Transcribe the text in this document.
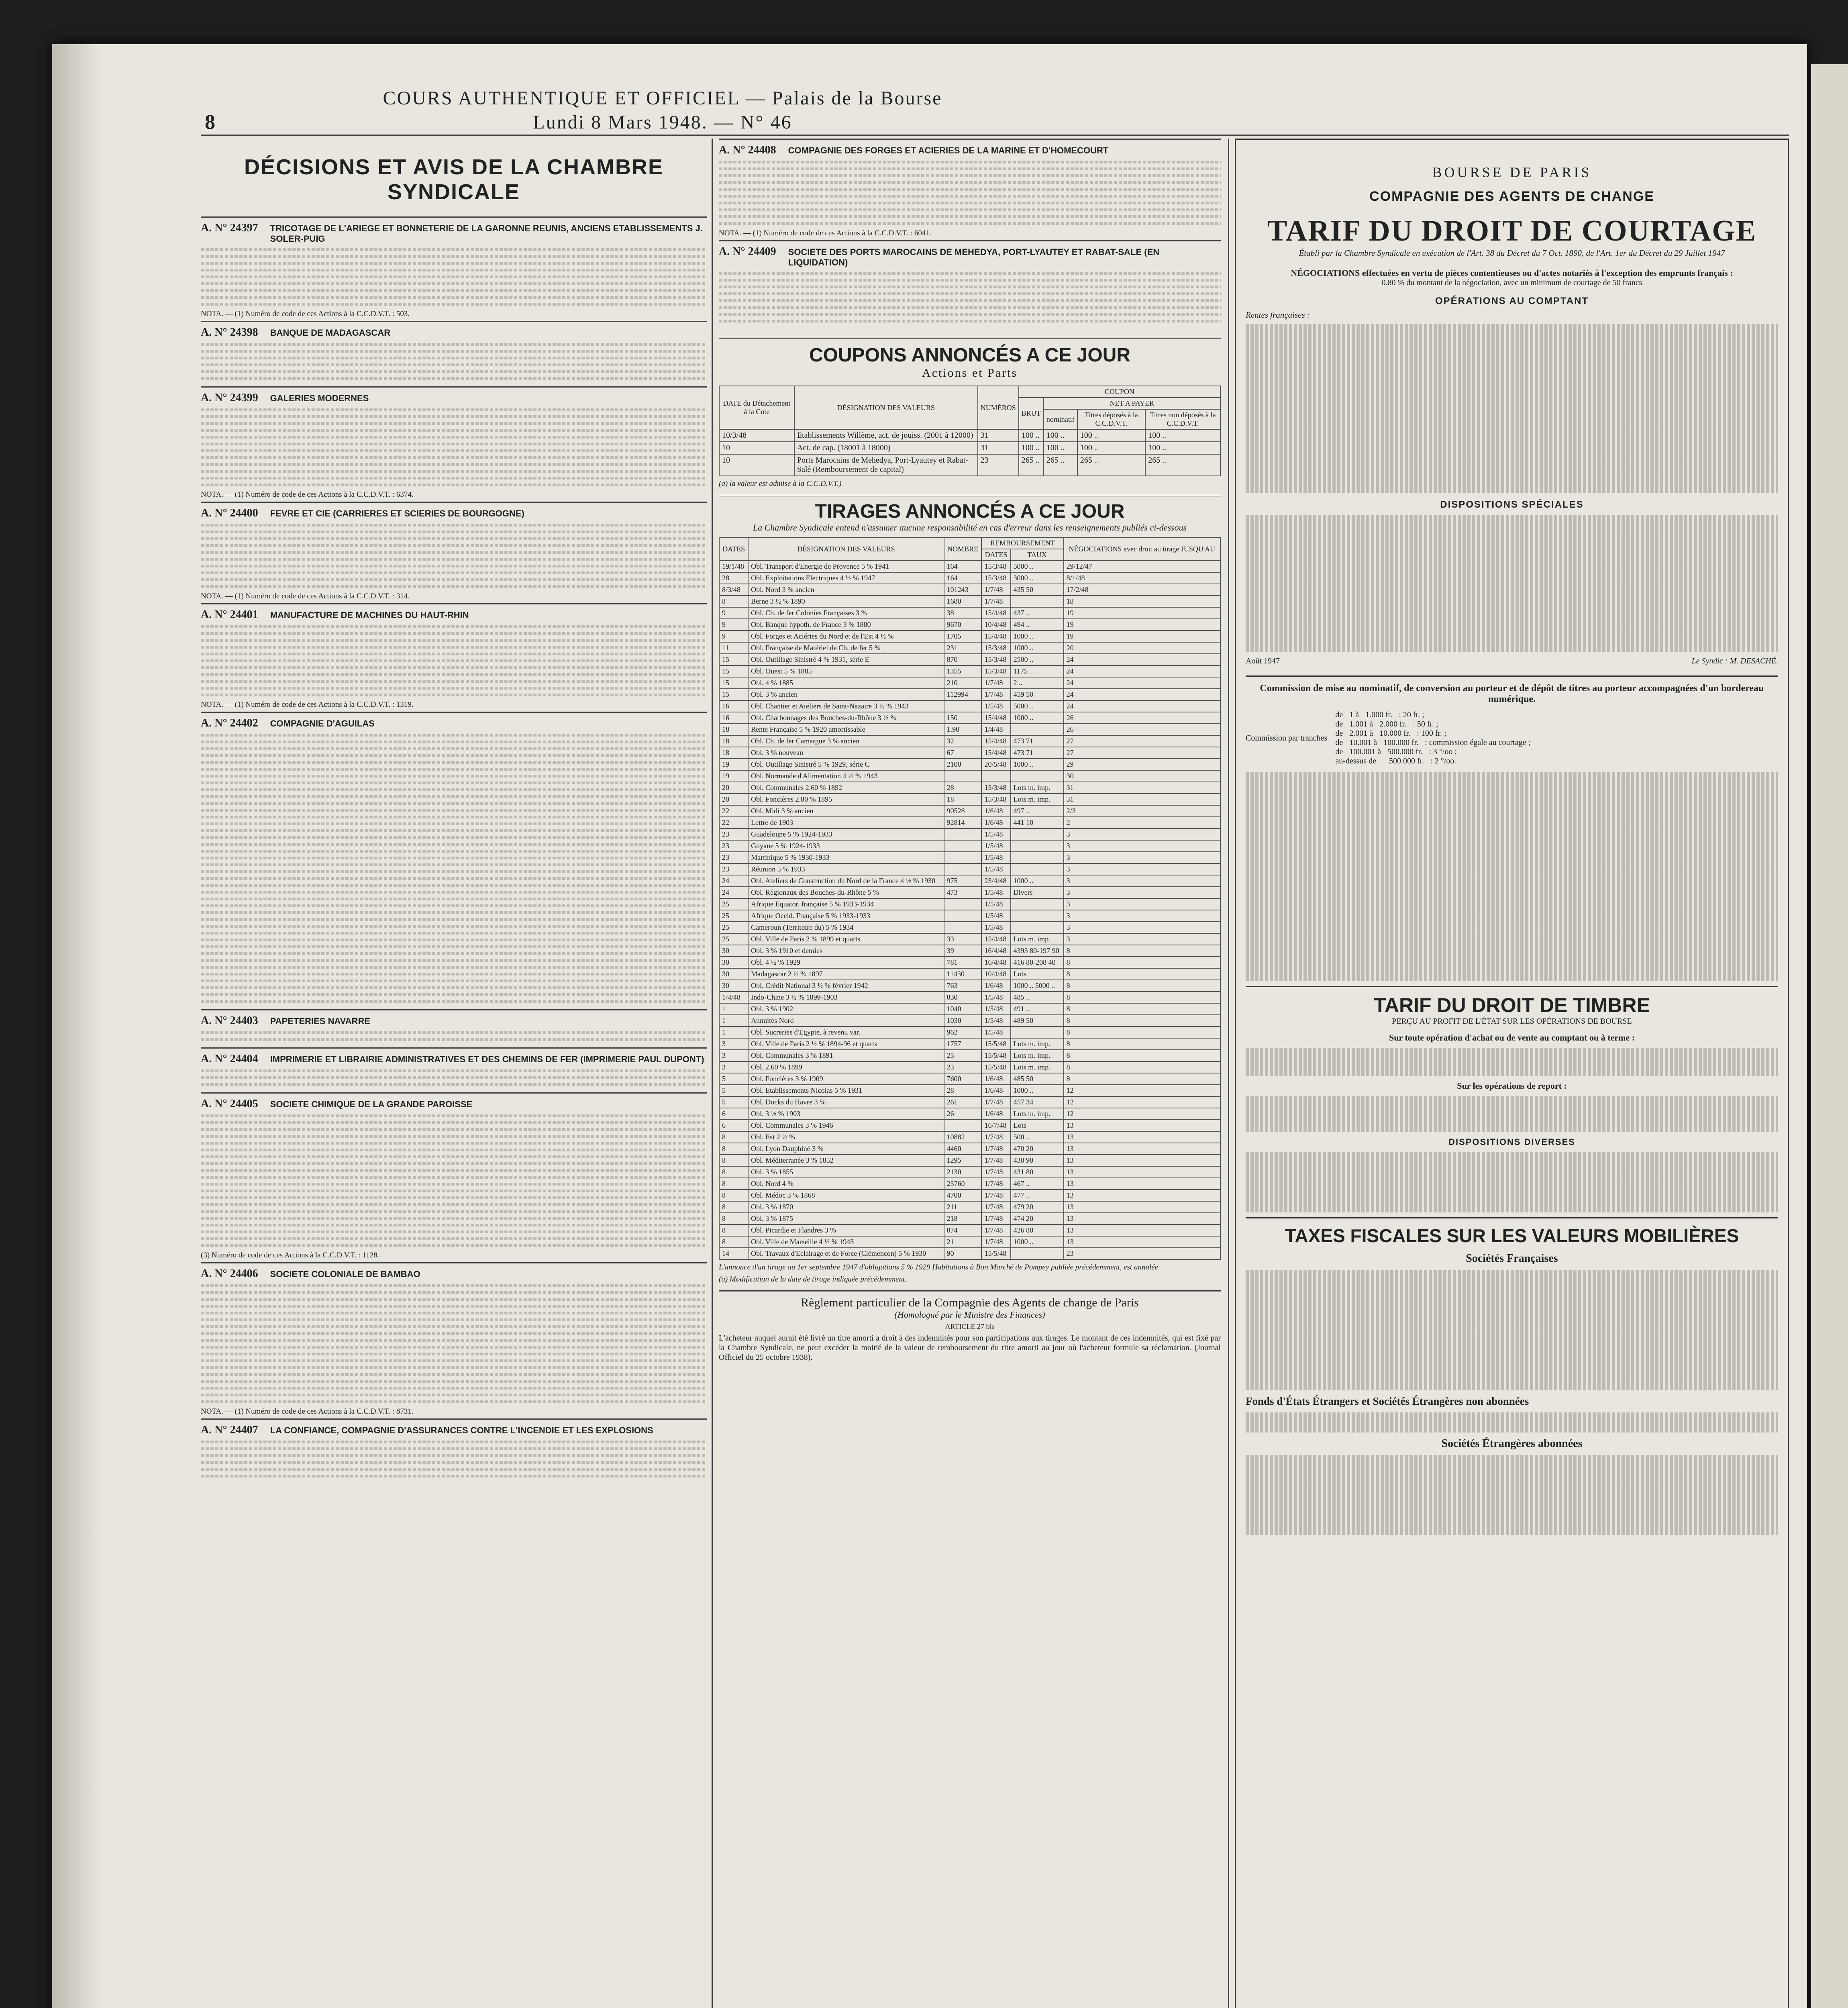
8
COURS AUTHENTIQUE ET OFFICIEL — Palais de la Bourse
Lundi 8 Mars 1948. — N° 46
DÉCISIONS ET AVIS DE LA CHAMBRE SYNDICALE
A. N° 24397 TRICOTAGE DE L'ARIEGE ET BONNETERIE DE LA GARONNE REUNIS, ANCIENS ETABLISSEMENTS J. SOLER-PUIG
NOTA. — (1) Numéro de code de ces Actions à la C.C.D.V.T. : 503.
A. N° 24398 BANQUE DE MADAGASCAR
A. N° 24399 GALERIES MODERNES
NOTA. — (1) Numéro de code de ces Actions à la C.C.D.V.T. : 6374.
A. N° 24400 FEVRE ET CIE (CARRIERES ET SCIERIES DE BOURGOGNE)
NOTA. — (1) Numéro de code de ces Actions à la C.C.D.V.T. : 314.
A. N° 24401 MANUFACTURE DE MACHINES DU HAUT-RHIN
NOTA. — (1) Numéro de code de ces Actions à la C.C.D.V.T. : 1319.
A. N° 24402 COMPAGNIE D'AGUILAS
A. N° 24403 PAPETERIES NAVARRE
A. N° 24404 IMPRIMERIE ET LIBRAIRIE ADMINISTRATIVES ET DES CHEMINS DE FER (IMPRIMERIE PAUL DUPONT)
A. N° 24405 SOCIETE CHIMIQUE DE LA GRANDE PAROISSE
(3) Numéro de code de ces Actions à la C.C.D.V.T. : 1128.
A. N° 24406 SOCIETE COLONIALE DE BAMBAO
NOTA. — (1) Numéro de code de ces Actions à la C.C.D.V.T. : 8731.
A. N° 24407 LA CONFIANCE, COMPAGNIE D'ASSURANCES CONTRE L'INCENDIE ET LES EXPLOSIONS
A. N° 24408 COMPAGNIE DES FORGES ET ACIERIES DE LA MARINE ET D'HOMECOURT
NOTA. — (1) Numéro de code de ces Actions à la C.C.D.V.T. : 6041.
A. N° 24409 SOCIETE DES PORTS MAROCAINS DE MEHEDYA, PORT-LYAUTEY ET RABAT-SALE (EN LIQUIDATION)
COUPONS ANNONCÉS A CE JOUR
Actions et Parts
DATE du Détachement à la Cote	DÉSIGNATION DES VALEURS	NUMÉROS	COUPON			
			BRUT	NET A PAYER		
				nominatif	Titres déposés à la C.C.D.V.T.	Titres non déposés à la C.C.D.V.T.
10/3/48	Etablissements Willème, act. de jouiss. (2001 à 12000)	31	100 ..	100 ..	100 ..	100 ..
10	Act. de cap. (18001 à 18000)	31	100 ..	100 ..	100 ..	100 ..
10	Ports Marocains de Mehedya, Port-Lyautey et Rabat-Salé (Remboursement de capital)	23	265 ..	265 ..	265 ..	265 ..
(a) la valeur est admise à la C.C.D.V.T.)
TIRAGES ANNONCÉS A CE JOUR
La Chambre Syndicale entend n'assumer aucune responsabilité en cas d'erreur dans les renseignements publiés ci-dessous
DATES	DÉSIGNATION DES VALEURS	NOMBRE	REMBOURSEMENT		NÉGOCIATIONS avec droit au tirage JUSQU'AU
			DATES	TAUX	
19/1/48	Obl. Transport d'Energie de Provence 5 % 1941	164	15/3/48	5000 ..	29/12/47
28	Obl. Exploitations Electriques 4 ½ % 1947	164	15/3/48	3000 ..	8/1/48
8/3/48	Obl. Nord 3 % ancien	101243	1/7/48	435 50	17/2/48
8	Berne 3 ½ % 1890	1680	1/7/48		18
9	Obl. Ch. de fer Colonies Françaises 3 %	38	15/4/48	437 ..	19
9	Obl. Banque hypoth. de France 3 % 1880	9670	10/4/48	494 ..	19
9	Obl. Forges et Aciéries du Nord et de l'Est 4 ½ %	1705	15/4/48	1000 ..	19
11	Obl. Française de Matériel de Ch. de fer 5 %	231	15/3/48	1000 ..	20
15	Obl. Outillage Sinistré 4 % 1931, série E	870	15/3/48	2500 ..	24
15	Obl. Ouest 5 % 1885	1355	15/3/48	1175 ..	24
15	Obl. 4 % 1885	210	1/7/48	2 ..	24
15	Obl. 3 % ancien	112994	1/7/48	459 50	24
16	Obl. Chantier et Ateliers de Saint-Nazaire 3 ½ % 1943		1/5/48	5000 ..	24
16	Obl. Charbonnages des Bouches-du-Rhône 3 ½ %	150	15/4/48	1000 ..	26
18	Rente Française 5 % 1920 amortissable	1.90	1/4/48		26
18	Obl. Ch. de fer Camargue 3 % ancien	32	15/4/48	473 71	27
18	Obl. 3 % nouveau	67	15/4/48	473 71	27
19	Obl. Outillage Sinistré 5 % 1929, série C	2100	20/5/48	1000 ..	29
19	Obl. Normande d'Alimentation 4 ½ % 1943				30
20	Obl. Communales 2.60 % 1892	28	15/3/48	Lots m. imp.	31
20	Obl. Foncières 2.80 % 1895	18	15/3/48	Lots m. imp.	31
22	Obl. Midi 3 % ancien	90528	1/6/48	497 ..	2/3
22	Lettre de 1903	92814	1/6/48	441 10	2
23	Guadeloupe 5 % 1924-1933		1/5/48		3
23	Guyane 5 % 1924-1933		1/5/48		3
23	Martinique 5 % 1930-1933		1/5/48		3
23	Réunion 5 % 1933		1/5/48		3
24	Obl. Ateliers de Construction du Nord de la France 4 ½ % 1930	975	23/4/48	1000 ..	3
24	Obl. Régionaux des Bouches-du-Rhône 5 %	473	1/5/48	Divers	3
25	Afrique Equator. française 5 % 1933-1934		1/5/48		3
25	Afrique Occid. Française 5 % 1933-1933		1/5/48		3
25	Cameroun (Territoire du) 5 % 1934		1/5/48		3
25	Obl. Ville de Paris 2 % 1899 et quarts	33	15/4/48	Lots m. imp.	3
30	Obl. 3 % 1910 et demies	39	16/4/48	4393 80-197 90	8
30	Obl. 4 ½ % 1929	781	16/4/48	416 80-208 40	8
30	Madagascar 2 ½ % 1897	11430	10/4/48	Lots	8
30	Obl. Crédit National 3 ½ % février 1942	763	1/6/48	1000 .. 5000 ..	8
1/4/48	Indo-Chine 3 ½ % 1899-1903	830	1/5/48	485 ..	8
1	Obl. 3 % 1902	1040	1/5/48	491 ..	8
1	Annuités Nord	1030	1/5/48	489 50	8
1	Obl. Sucreries d'Egypte, à revenu var.	962	1/5/48		8
3	Obl. Ville de Paris 2 ½ % 1894-96 et quarts	1757	15/5/48	Lots m. imp.	8
3	Obl. Communales 3 % 1891	25	15/5/48	Lots m. imp.	8
3	Obl. 2.60 % 1899	23	15/5/48	Lots m. imp.	8
5	Obl. Foncières 3 % 1909	7600	1/6/48	485 50	8
5	Obl. Etablissements Nicolas 5 % 1931	28	1/6/48	1000 ..	12
5	Obl. Docks du Havre 3 %	261	1/7/48	457 34	12
6	Obl. 3 ½ % 1903	26	1/6/48	Lots m. imp.	12
6	Obl. Communales 3 % 1946		16/7/48	Lots	13
8	Obl. Est 2 ½ %	10882	1/7/48	500 ..	13
8	Obl. Lyon Dauphiné 3 %	4460	1/7/48	470 20	13
8	Obl. Méditerranée 3 % 1852	1295	1/7/48	430 90	13
8	Obl. 3 % 1855	2130	1/7/48	431 80	13
8	Obl. Nord 4 %	25760	1/7/48	467 ..	13
8	Obl. Médoc 3 % 1868	4700	1/7/48	477 ..	13
8	Obl. 3 % 1870	211	1/7/48	479 20	13
8	Obl. 3 % 1875	218	1/7/48	474 20	13
8	Obl. Picardie et Flandres 3 %	874	1/7/48	426 80	13
8	Obl. Ville de Marseille 4 ½ % 1943	21	1/7/48	1000 ..	13
14	Obl. Travaux d'Eclairage et de Force (Clémencon) 5 % 1930	90	15/5/48		23
L'annonce d'un tirage au 1er septembre 1947 d'obligations 5 % 1929 Habitations à Bon Marché de Pompey publiée précédemment, est annulée.
(a) Modification de la date de tirage indiquée précédemment.
Règlement particulier de la Compagnie des Agents de change de Paris
(Homologué par le Ministre des Finances)
ARTICLE 27 bis
L'acheteur auquel aurait été livré un titre amorti a droit à des indemnités pour son participations aux tirages. Le montant de ces indemnités, qui est fixé par la Chambre Syndicale, ne peut excéder la moitié de la valeur de remboursement du titre amorti au jour où l'acheteur formule sa réclamation. (Journal Officiel du 25 octobre 1938).
BOURSE DE PARIS
COMPAGNIE DES AGENTS DE CHANGE
TARIF DU DROIT DE COURTAGE
Établi par la Chambre Syndicale en exécution de l'Art. 38 du Décret du 7 Oct. 1890, de l'Art. 1er du Décret du 29 Juillet 1947
NÉGOCIATIONS effectuées en vertu de pièces contentieuses ou d'actes notariés à l'exception des emprunts français :
0.80 % du montant de la négociation, avec un minimum de courtage de 50 francs
OPÉRATIONS AU COMPTANT
Rentes françaises :
DISPOSITIONS SPÉCIALES
Août 1947	Le Syndic : M. DESACHÉ.
Commission de mise au nominatif, de conversion au porteur et de dépôt de titres au porteur accompagnées d'un bordereau numérique.
Commission par tranches
de 1 à 1.000 fr. : 20 fr. ;
de 1.001 à 2.000 fr. : 50 fr. ;
de 2.001 à 10.000 fr. : 100 fr. ;
de 10.001 à 100.000 fr. : commission égale au courtage ;
de 100.001 à 500.000 fr. : 3 °/oo ;
au-dessus de 500.000 fr. : 2 °/oo.
TARIF DU DROIT DE TIMBRE
PERÇU AU PROFIT DE L'ÉTAT SUR LES OPÉRATIONS DE BOURSE
Sur toute opération d'achat ou de vente au comptant ou à terme :
Sur les opérations de report :
DISPOSITIONS DIVERSES
TAXES FISCALES SUR LES VALEURS MOBILIÈRES
Sociétés Françaises
Fonds d'États Étrangers et Sociétés Étrangères non abonnées
Sociétés Étrangères abonnées
